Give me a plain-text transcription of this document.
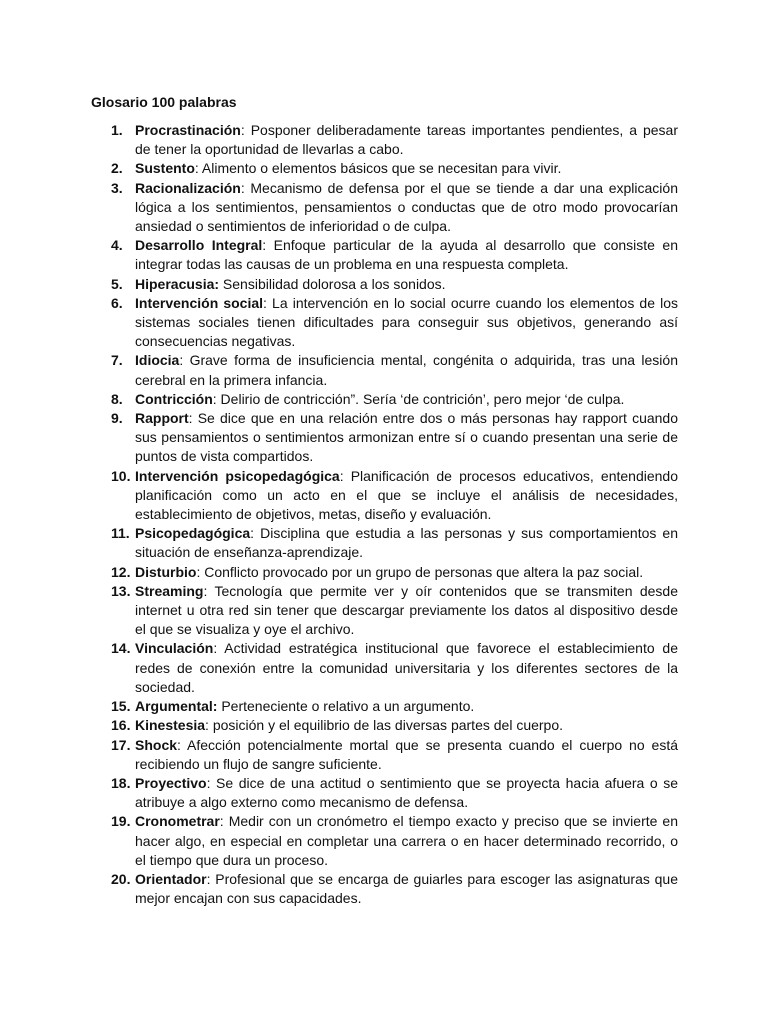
Glosario 100 palabras
1. Procrastinación: Posponer deliberadamente tareas importantes pendientes, a pesar de tener la oportunidad de llevarlas a cabo.
2. Sustento: Alimento o elementos básicos que se necesitan para vivir.
3. Racionalización: Mecanismo de defensa por el que se tiende a dar una explicación lógica a los sentimientos, pensamientos o conductas que de otro modo provocarían ansiedad o sentimientos de inferioridad o de culpa.
4. Desarrollo Integral: Enfoque particular de la ayuda al desarrollo que consiste en integrar todas las causas de un problema en una respuesta completa.
5. Hiperacusia: Sensibilidad dolorosa a los sonidos.
6. Intervención social: La intervención en lo social ocurre cuando los elementos de los sistemas sociales tienen dificultades para conseguir sus objetivos, generando así consecuencias negativas.
7. Idiocia: Grave forma de insuficiencia mental, congénita o adquirida, tras una lesión cerebral en la primera infancia.
8. Contricción: Delirio de contricción”. Sería ‘de contrición’, pero mejor ‘de culpa.
9. Rapport: Se dice que en una relación entre dos o más personas hay rapport cuando sus pensamientos o sentimientos armonizan entre sí o cuando presentan una serie de puntos de vista compartidos.
10. Intervención psicopedagógica: Planificación de procesos educativos, entendiendo planificación como un acto en el que se incluye el análisis de necesidades, establecimiento de objetivos, metas, diseño y evaluación.
11. Psicopedagógica: Disciplina que estudia a las personas y sus comportamientos en situación de enseñanza-aprendizaje.
12. Disturbio: Conflicto provocado por un grupo de personas que altera la paz social.
13. Streaming: Tecnología que permite ver y oír contenidos que se transmiten desde internet u otra red sin tener que descargar previamente los datos al dispositivo desde el que se visualiza y oye el archivo.
14. Vinculación: Actividad estratégica institucional que favorece el establecimiento de redes de conexión entre la comunidad universitaria y los diferentes sectores de la sociedad.
15. Argumental: Perteneciente o relativo a un argumento.
16. Kinestesia: posición y el equilibrio de las diversas partes del cuerpo.
17. Shock: Afección potencialmente mortal que se presenta cuando el cuerpo no está recibiendo un flujo de sangre suficiente.
18. Proyectivo: Se dice de una actitud o sentimiento que se proyecta hacia afuera o se atribuye a algo externo como mecanismo de defensa.
19. Cronometrar: Medir con un cronómetro el tiempo exacto y preciso que se invierte en hacer algo, en especial en completar una carrera o en hacer determinado recorrido, o el tiempo que dura un proceso.
20. Orientador: Profesional que se encarga de guiarles para escoger las asignaturas que mejor encajan con sus capacidades.
